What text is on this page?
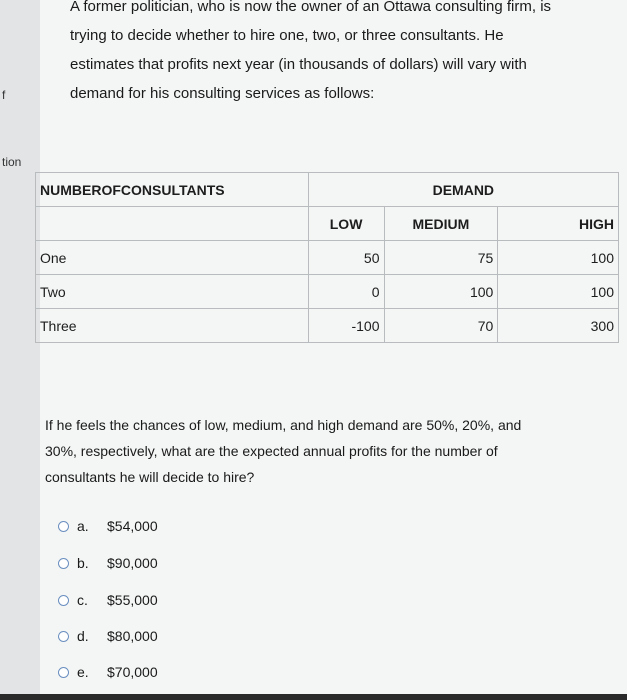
f
tion
A former politician, who is now the owner of an Ottawa consulting firm, is trying to decide whether to hire one, two, or three consultants. He estimates that profits next year (in thousands of dollars) will vary with demand for his consulting services as follows:
NUMBEROFCONSULTANTS	DEMAND		
	LOW	MEDIUM	HIGH
One	50	75	100
Two	0	100	100
Three	-100	70	300
If he feels the chances of low, medium, and high demand are 50%, 20%, and 30%, respectively, what are the expected annual profits for the number of consultants he will decide to hire?
a.	$54,000
b.	$90,000
c.	$55,000
d.	$80,000
e.	$70,000
